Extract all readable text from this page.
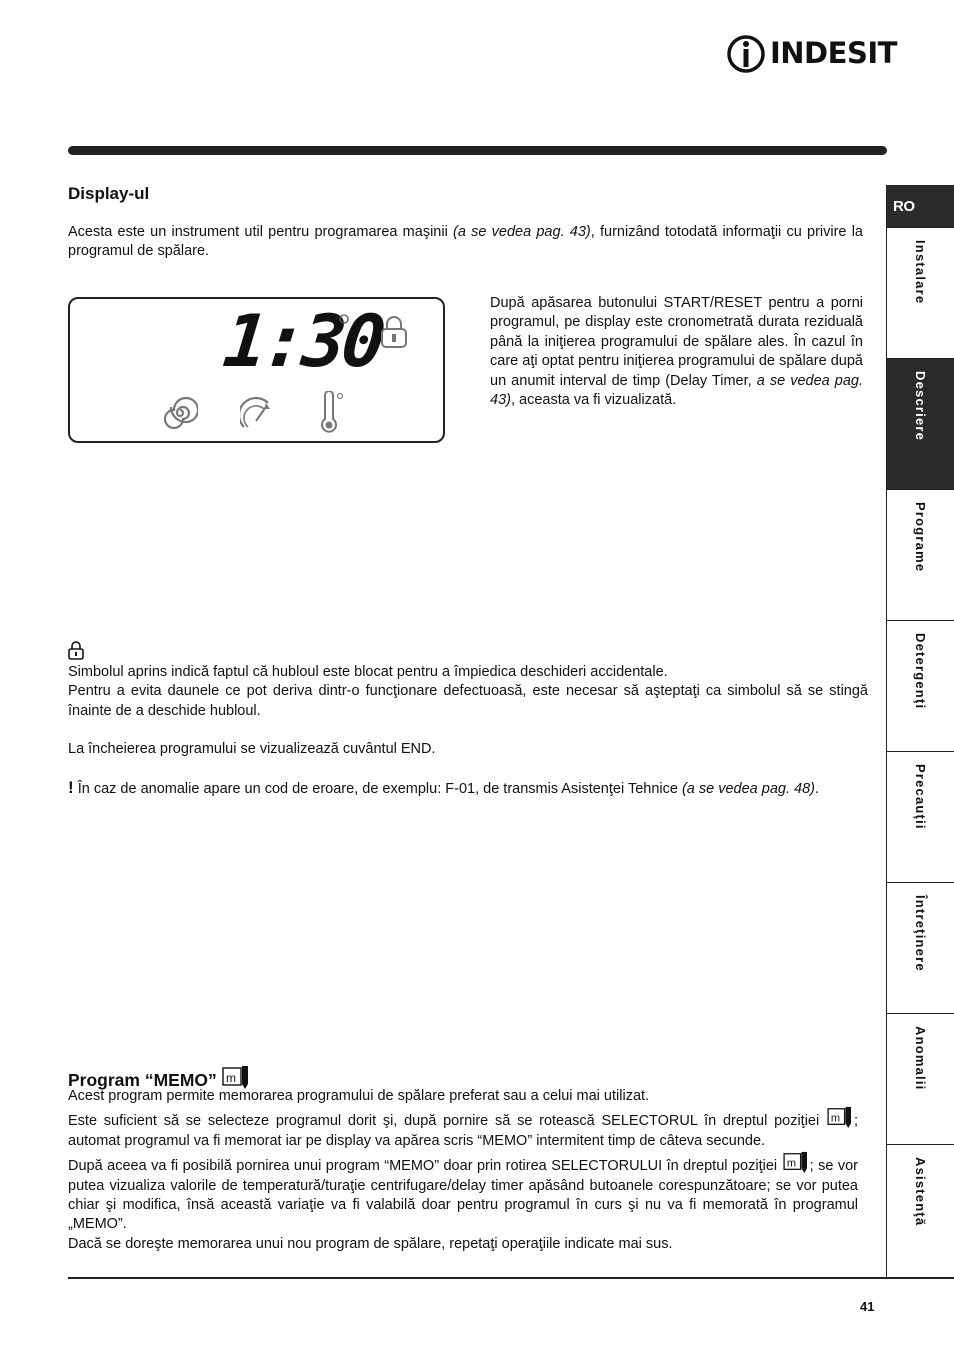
INDESIT
Display-ul
Acesta este un instrument util pentru programarea maşinii (a se vedea pag. 43), furnizând totodată informaţii cu privire la programul de spălare.
1:30	După apăsarea butonului START/RESET pentru a porni programul, pe display este cronometrată durata reziduală până la iniţierea programului de spălare ales. În cazul în care aţi optat pentru iniţierea programului de spălare după un anumit interval de timp (Delay Timer, a se vedea pag. 43), aceasta va fi vizualizată.
Simbolul aprins indică faptul că hubloul este blocat pentru a împiedica deschideri accidentale.
Pentru a evita daunele ce pot deriva dintr-o funcţionare defectuoasă, este necesar să aşteptaţi ca simbolul să se stingă înainte de a deschide hubloul.
La încheierea programului se vizualizează cuvântul END.
! În caz de anomalie apare un cod de eroare, de exemplu: F-01, de transmis Asistenţei Tehnice (a se vedea pag. 48).
Program “MEMO” m
Acest program permite memorarea programului de spălare preferat sau a celui mai utilizat.
Este suficient să se selecteze programul dorit şi, după pornire să se rotească SELECTORUL în dreptul poziţiei m ; automat programul va fi memorat iar pe display va apărea scris “MEMO” intermitent timp de câteva secunde.
După aceea va fi posibilă pornirea unui program “MEMO” doar prin rotirea SELECTORULUI în dreptul poziţiei m ; se vor putea vizualiza valorile de temperatură/turaţie centrifugare/delay timer apăsând butoanele corespunzătoare; se vor putea chiar şi modifica, însă această variaţie va fi valabilă doar pentru programul în curs şi nu va fi memorată în programul „MEMO”.
Dacă se doreşte memorarea unui nou program de spălare, repetaţi operaţiile indicate mai sus.
RO
Instalare
Descriere
Programe
Detergenţi
Precauţii
Întreţinere
Anomalii
Asistenţă
41
